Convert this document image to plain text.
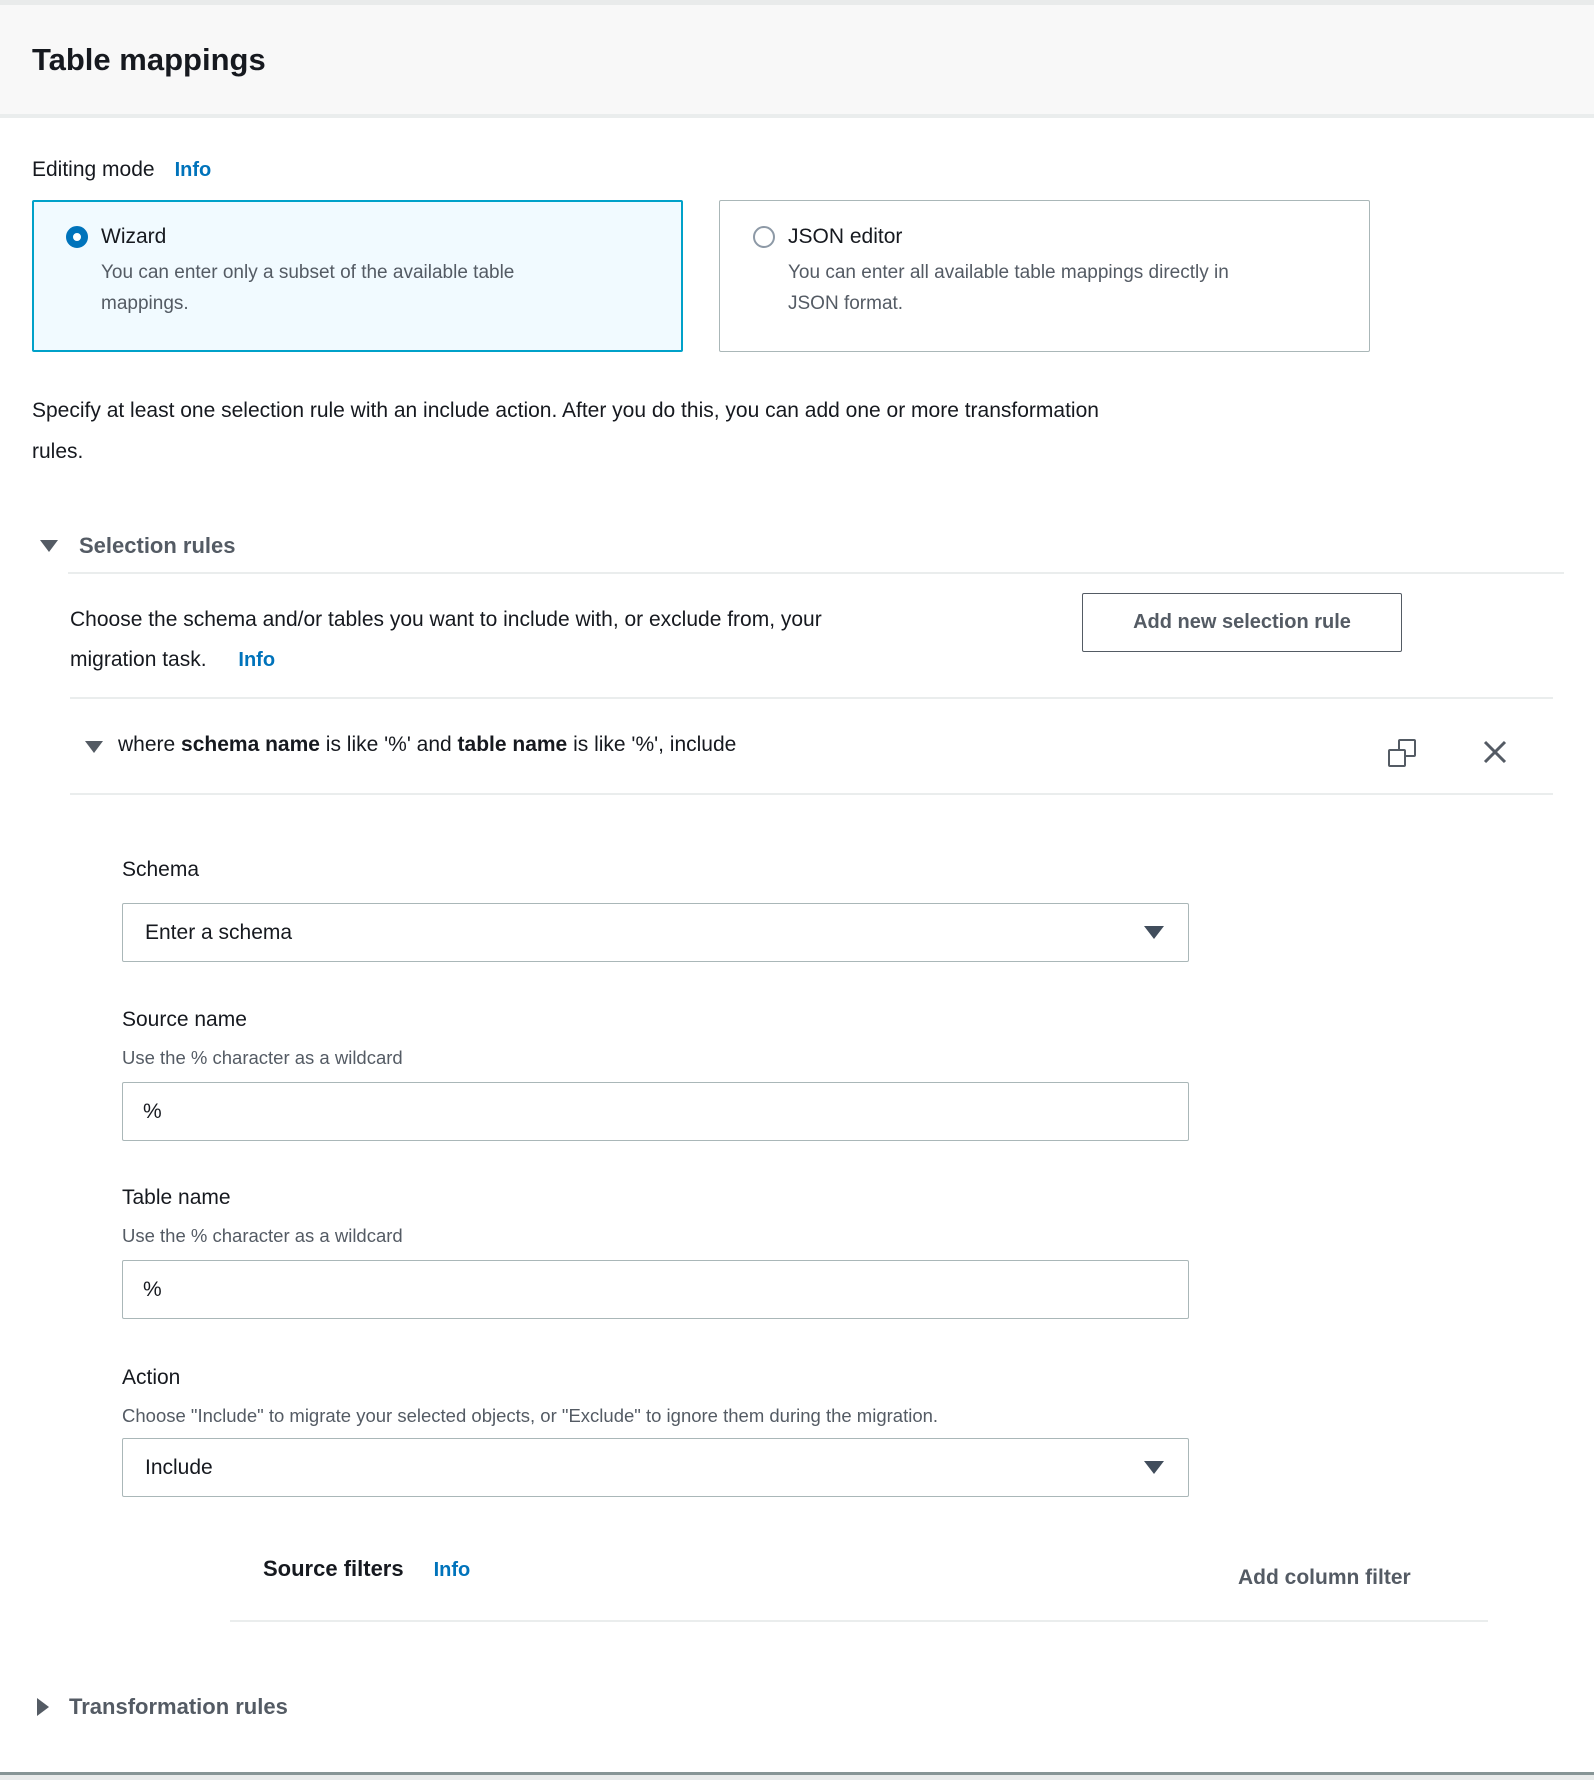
Table mappings
Editing mode Info
Wizard
You can enter only a subset of the available table
mappings.
JSON editor
You can enter all available table mappings directly in
JSON format.
Specify at least one selection rule with an include action. After you do this, you can add one or more transformation
rules.
Selection rules
Choose the schema and/or tables you want to include with, or exclude from, your
migration task. Info
Add new selection rule
where schema name is like '%' and table name is like '%', include
Schema
Enter a schema
Source name
Use the % character as a wildcard
%
Table name
Use the % character as a wildcard
%
Action
Choose "Include" to migrate your selected objects, or "Exclude" to ignore them during the migration.
Include
Source filters Info	Add column filter
Transformation rules
